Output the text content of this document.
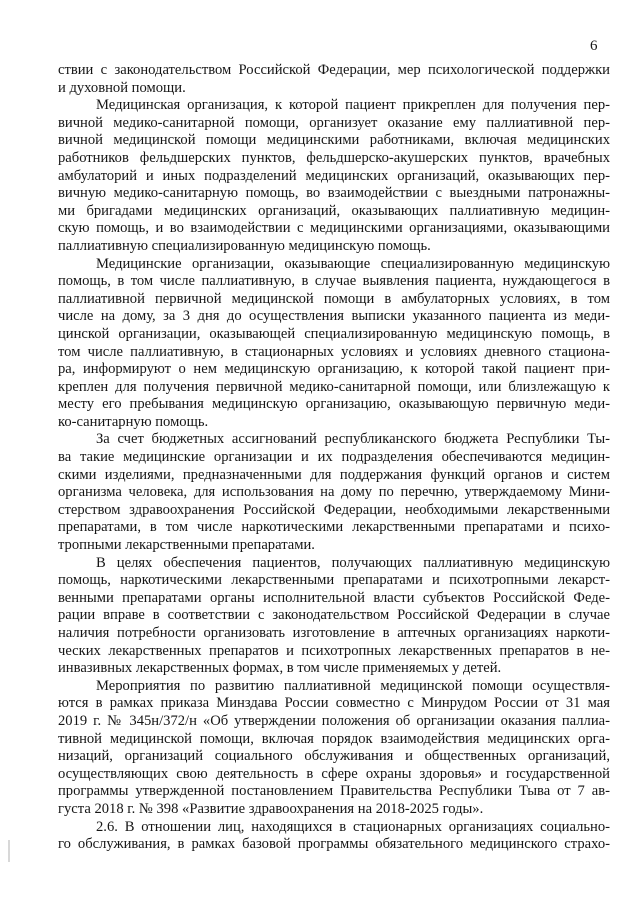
6
ствии с законодательством Российской Федерации, мер психологической поддержки
и духовной помощи.
Медицинская организация, к которой пациент прикреплен для получения пер-
вичной медико-санитарной помощи, организует оказание ему паллиативной пер-
вичной медицинской помощи медицинскими работниками, включая медицинских
работников фельдшерских пунктов, фельдшерско-акушерских пунктов, врачебных
амбулаторий и иных подразделений медицинских организаций, оказывающих пер-
вичную медико-санитарную помощь, во взаимодействии с выездными патронажны-
ми бригадами медицинских организаций, оказывающих паллиативную медицин-
скую помощь, и во взаимодействии с медицинскими организациями, оказывающими
паллиативную специализированную медицинскую помощь.
Медицинские организации, оказывающие специализированную медицинскую
помощь, в том числе паллиативную, в случае выявления пациента, нуждающегося в
паллиативной первичной медицинской помощи в амбулаторных условиях, в том
числе на дому, за 3 дня до осуществления выписки указанного пациента из меди-
цинской организации, оказывающей специализированную медицинскую помощь, в
том числе паллиативную, в стационарных условиях и условиях дневного стациона-
ра, информируют о нем медицинскую организацию, к которой такой пациент при-
креплен для получения первичной медико-санитарной помощи, или близлежащую к
месту его пребывания медицинскую организацию, оказывающую первичную меди-
ко-санитарную помощь.
За счет бюджетных ассигнований республиканского бюджета Республики Ты-
ва такие медицинские организации и их подразделения обеспечиваются медицин-
скими изделиями, предназначенными для поддержания функций органов и систем
организма человека, для использования на дому по перечню, утверждаемому Мини-
стерством здравоохранения Российской Федерации, необходимыми лекарственными
препаратами, в том числе наркотическими лекарственными препаратами и психо-
тропными лекарственными препаратами.
В целях обеспечения пациентов, получающих паллиативную медицинскую
помощь, наркотическими лекарственными препаратами и психотропными лекарст-
венными препаратами органы исполнительной власти субъектов Российской Феде-
рации вправе в соответствии с законодательством Российской Федерации в случае
наличия потребности организовать изготовление в аптечных организациях наркоти-
ческих лекарственных препаратов и психотропных лекарственных препаратов в не-
инвазивных лекарственных формах, в том числе применяемых у детей.
Мероприятия по развитию паллиативной медицинской помощи осуществля-
ются в рамках приказа Минздава России совместно с Минрудом России от 31 мая
2019 г. № 345н/372/н «Об утверждении положения об организации оказания паллиа-
тивной медицинской помощи, включая порядок взаимодействия медицинских орга-
низаций, организаций социального обслуживания и общественных организаций,
осуществляющих свою деятельность в сфере охраны здоровья» и государственной
программы утвержденной постановлением Правительства Республики Тыва от 7 ав-
густа 2018 г. № 398 «Развитие здравоохранения на 2018-2025 годы».
2.6. В отношении лиц, находящихся в стационарных организациях социально-
го обслуживания, в рамках базовой программы обязательного медицинского страхо-
